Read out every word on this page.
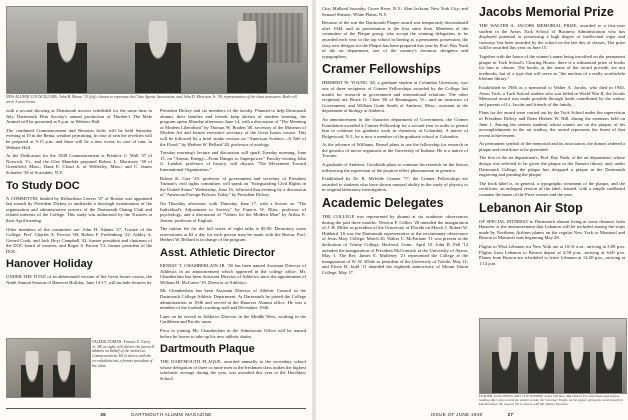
NEW ALUMNI COUNCILLORS: John B. Moose '15 (left), chosen to represent the Class Agents Association, and John D. Morrison Jr. '38, representative of the class treasurers. Both will serve 3-year terms.

with a second showing at Dartmouth movies scheduled for the same time in July. Dartmouth Film Society's annual production of Thurber's The Male Animal will be presented at 9 p.m. in Webster Hall.

The combined Commencement and Reunion frolic will be held Saturday evening at 10 in the Bema, weather permitting. In case of rain the revelries will be prepared at 9:15 p.m. and there will be a new event, in case of rain, in Webster Hall.

At the Dedication for the 1948 Commencement is Prentice C. Wall '37 of Norwich, Vt., and the Glee Mandola prepared Robert L. Morrissey '38 of Greenfield, Mass.; Dana E. Cloud Jr. of Wellesley, Mass.; and C. James Schaefer '38 of Scarsdale, N.Y.

To Study DOC

A COMMITTEE headed by Richardson Leaver '27 of Boston was appointed last month by President Dickey to undertake a thorough examination of the organization and administrative powers of the Dartmouth Outing Club and related interests of the College. This study was authorized by the Trustees at their April meeting.

Other members of the committee are: John H. Adams '27, Trustee of the College; Prof. Charles A. Proctor '00; Robert F. Fredenburg '22; Ashley A. Gerard Cook; and Jack Hoyt Campbell '42, former president and chairman of the DOC board of trustees; and Roger S. Brown '13, former president of the DOC.

Hanover Holiday

UNDER THE TITLE of an abbreviated version of the Great Issues course, the Ninth Annual Session of Hanover Holiday, June 14-17, will include lectures by

VALEDICTORIAN: Francis E. Gerry Jr. '48, at right, will deliver the farewell address on behalf of the seniors at Commencement. He is shown with the co-valedictorian, a former president of the class.

President Dickey and six members of the faculty. Planned to help Dartmouth alumni, their families and friends keep abreast of modern learning, the program opens Monday afternoon, June 14, with a discussion of "The Meaning of Modern Liberalism" by Thomas W. Braden '40, secretary of the Museum of Modern Art and former executive secretary of the Great Issues course. This will be followed by a brief studio session on "American Science—A Tale of the Flood," by Herbert W. Bellard '28, professor of zoology.

Tuesday morning's lecture and discussion will spark Tuesday morning, June 15, on "Atomic Energy—From Danger to Superpower." Faculty-visiting John G. Lambie, professor of history, will discuss "The Movement Toward International Organization."

Robert K. Carr '29, professor of government and secretary of President Truman's civil rights committee, will speak on "Safeguarding Civil Rights in the United States" Wednesday, June 16, followed that evening by a discussion of "American Foreign Policies Today" by President Dickey.

On Thursday afternoon, with Thursday, June 17, with a lecture on "The Individual's Adjustment to Society" by Francis W. Bliss, professor of psychology, and a discussion of "Values for the Modern Man" by Arthur E. Jensen, professor of English.

The tuition fee for the full series of eight talks is $5.00. Dormitory room reservations at $2 a day for each person may be made with the Bursar. Prof. Herbert W. Bellard is in charge of the program.

Asst. Athletic Director

ERNEST T. CHAMBERLAIN JR. '38 has been named Assistant Director of Athletics in an announcement which appeared in the college office. Mr. Chamberlain has been Assistant Director of Athletics since the appointment of William H. McCarter '19, Director of Athletics.

Mr. Chamberlain has been Assistant Director of Athletic Council in the Dartmouth College Athletic Department. At Dartmouth he joined the College administration in 1946 and served at the Hanover Alumni office. He was a member of the football coaching staff and December, 1946.

Later on he served as Athletics Director in the Middle West, working in the Caribbean and Pacific areas.

Prior to joining Mr. Chamberlain in the Admissions Office will be named before he leaves to take up his new athletic duties.

Dartmouth Plaque

THE DARTMOUTH PLAQUE, awarded annually to the secondary school whose delegation of three or more men in the freshman class makes the highest scholastic average during the year, was awarded this year to the Hotchkiss School.

26	DARTMOUTH ALUMNI MAGAZINE

City; Midland Saxonby, Grove River, N.Y.; Alan Jackson, New York City; and Samuel Shearer, White Plains, N.Y.

Because of the war the Dartmouth Plaque award was temporarily discontinued after 1944, and its presentation is the first since then. Members of the committee of the Plaque group, who accept the winning delegation, to be awarded each year to the top school in having as a permanent possession, the sixty new designs for the Plaque has been prepared this year by Prof. Ray Nash of the art department, one of the country's foremost designers and typographers.

Cramer Fellowships

HERBERT W. YOUNG '48, a graduate student at Columbia University, was one of three recipients of Cramer Fellowships awarded by the College last month for research in government and international relations. The other recipients are Bruce G. Chen '48 of Bennington, Vt., and an instructor of Government, and William Grant Smith of Amherst, Mass., assistant in the department of biology at Amherst.

An announcement in the character department of Government, the Cramer Foundation awarded a Cramer Fellowship for a second year in order to permit him to continue his graduate work in chemistry at Columbia. A native of Ridgewood, N.J., he is now a member of the graduate school at Columbia.

At the advance of Williams, Beasel plans to use the fellowship for research in the genetics of micro-organisms at the University of Indiana. He is a native of Toronto.

A graduate of Amherst, Goodfaith plans to continue his research on the factors influencing the expression of the positive effect phenomenon in genetics.

Established by Dr. R. Melville Cramer '77, the Cramer Fellowships are awarded to students who have shown unusual ability in the study of physics or in original laboratory investigation.

Academic Delegates

THE COLLEGE was represented by alumni at six academic observances during the past three months. Newton F. Collier '28 attended the inauguration of J. H. Miller as president of the University of Florida on March 5. Robert W. Hubbard '16 was the Dartmouth representative at the tercentenary observance of Jesus Mary College, March 26. Walter C. McFarlane '11 was present at the dedication of Trinity College, Hartford, Conn., April 10. John B. Fell '12 attended the inauguration of President McCormick at the University of Akron, May 1. The Rev. James E. Mulleney '21 represented the College at the inauguration of W. W. White as president of the University of Toledo, May 11; and Elwin B. Judd '11 attended the eightieth anniversary of Mount Union College, May 17.

Jacobs Memorial Prize

THE WALTER A. JACOBS MEMORIAL PRIZE, awarded to a first-year student in the Amos Tuck School of Business Administration who has displayed potential or possessing a high degree of intellectual vigor and curiosity, has been awarded by the school on the last day of classes. The prize will be awarded this year on June 15.

Together with the honor of the winner's name being inscribed on the permanent plaque in Tuck School's Clearing House, there is a substantial prize of books for him to choose. The books, at the terms of the award provide, are not textbooks, but of a type that will serve as "the nucleus of a really worthwhile lifetime library."

Established in 1946 as a memorial to Walter A. Jacobs, who died in 1945, Amos Tuck, a Tuck School student who was killed in World War II, the Jacobs Memorial award was made possible through funds contributed by the widow and parents of Lt. Jacobs and friends of the family.

Plans for the award were carried out by the Tuck School under the supervision of President Dickey and Dean Herbert W. Hill, during the seminars held on June 1. Among the sixteen students whose names are on the plaque, of his accomplishments in the art studios, the award represents the finest of that recent achievement.

As permanent symbol of the memorial and its association, the donors ordered a plaque and certificate to be presented.

The first of the art department's, Prof. Ray Nash, of the art department, whose design was selected to be given the plaque in the Nansen library, and, under Dartmouth College, the plaque has designed a plaque in the Dartmouth engraving and printing the plaque.

The book label is, in general, a typographic treatment of the plaque, and the certificate, an enlarged version of the label, framed, with a simple cardboard contains the name of the Prize winner and the year.

Lebanon Air Stop

OF SPECIAL INTEREST to Dartmouth alumni living at some distance from Hanover is the announcement that Lebanon will be included among the stops made by Northeast Airlines planes on the regular New York or Montreal and Boston to Montreal runs beginning May 28.

Flights to West Lebanon for New York are at 10:31 a.m., arriving at 3:08 p.m. Flights from Lebanon to Boston depart at 4:58 p.m., arriving at 6:00 p.m. Planes from Boston are scheduled to leave Lebanon at 12:20 p.m., arriving at 1:14 p.m.

LEADER, GOD SPEED AND CUP WINNER: Sears Durham, Rip Dinner Fur bearsman and league-leading skier who scored ten points to take the Carnival Trophy as the player giving the most benefit to Dartmouth in the season. He is shown with Mr. Walter Durham.
ISSUE OF JUNE 1948	27
